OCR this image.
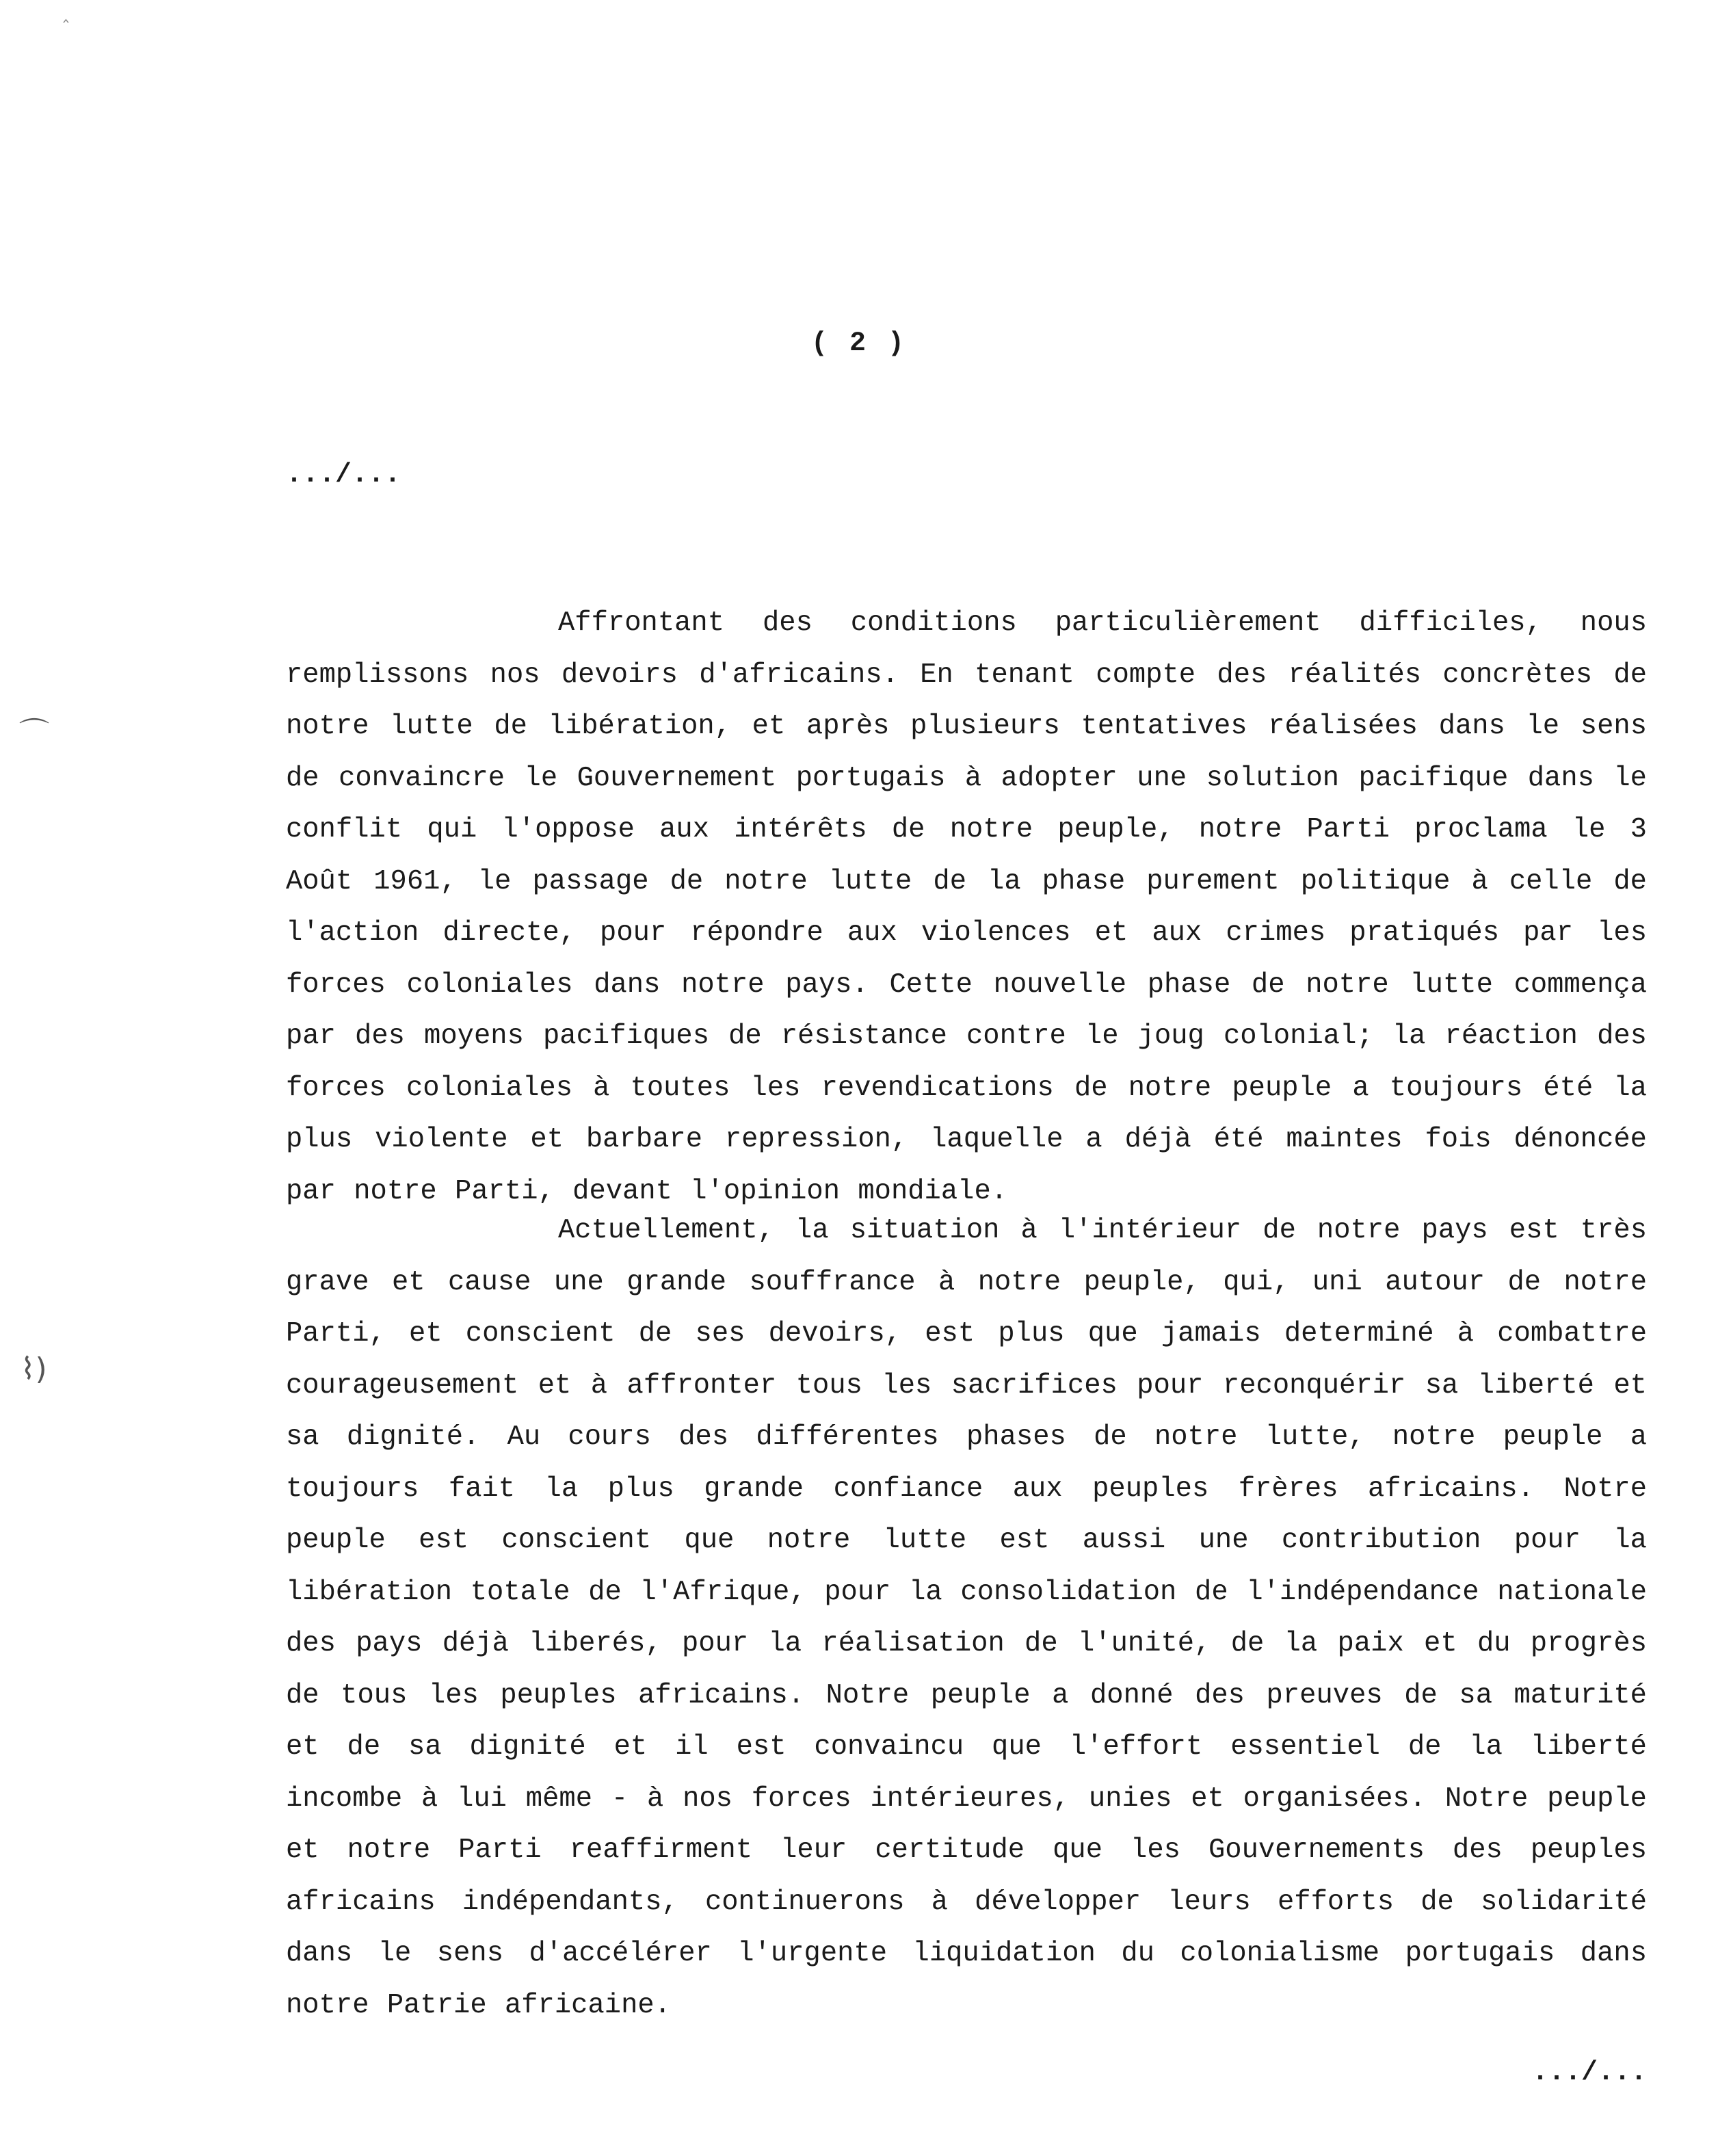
‸
⌒
⌇)
( 2 )
.../...

Affrontant des conditions particulièrement difficiles, nous remplissons nos devoirs d'africains. En tenant compte des réalités concrètes de notre lutte de libération, et après plusieurs tentatives réalisées dans le sens de convaincre le Gouvernement portugais à adopter une solution pacifique dans le conflit qui l'oppose aux intérêts de notre peuple, notre Parti proclama le 3 Août 1961, le passage de notre lutte de la phase purement politique à celle de l'action directe, pour répondre aux violences et aux crimes pratiqués par les forces coloniales dans notre pays. Cette nouvelle phase de notre lutte commença par des moyens pacifiques de résistance contre le joug colonial; la réaction des forces coloniales à toutes les revendications de notre peuple a toujours été la plus violente et barbare repression, laquelle a déjà été maintes fois dénoncée par notre Parti, devant l'opinion mondiale.

Actuellement, la situation à l'intérieur de notre pays est très grave et cause une grande souffrance à notre peuple, qui, uni autour de notre Parti, et conscient de ses devoirs, est plus que jamais determiné à combattre courageusement et à affronter tous les sacrifices pour reconquérir sa liberté et sa dignité. Au cours des différentes phases de notre lutte, notre peuple a toujours fait la plus grande confiance aux peuples frères africains. Notre peuple est conscient que notre lutte est aussi une contribution pour la libération totale de l'Afrique, pour la consolidation de l'indépendance nationale des pays déjà liberés, pour la réalisation de l'unité, de la paix et du progrès de tous les peuples africains. Notre peuple a donné des preuves de sa maturité et de sa dignité et il est convaincu que l'effort essentiel de la liberté incombe à lui même - à nos forces intérieures, unies et organisées. Notre peuple et notre Parti reaffirment leur certitude que les Gouvernements des peuples africains indépendants, continuerons à développer leurs efforts de solidarité dans le sens d'accélérer l'urgente liquidation du colonialisme portugais dans notre Patrie africaine.

.../...
